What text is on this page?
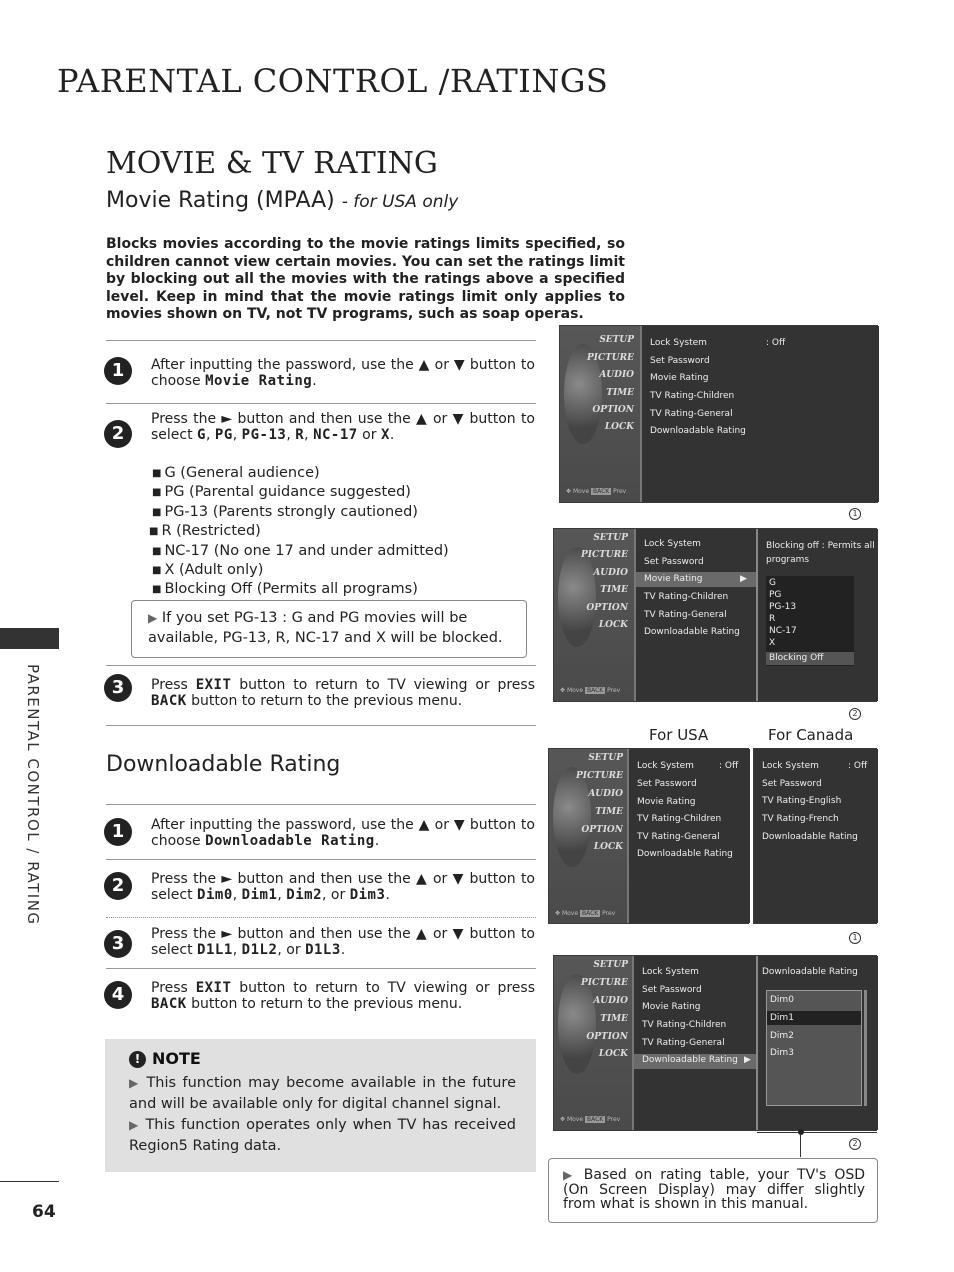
PARENTAL CONTROL /RATINGS
MOVIE & TV RATING
Movie Rating (MPAA) - for USA only
Blocks movies according to the movie ratings limits specified, so children cannot view certain movies. You can set the ratings limit by blocking out all the movies with the ratings above a specified level. Keep in mind that the movie ratings limit only applies to movies shown on TV, not TV programs, such as soap operas.
1	After inputting the password, use the ▲ or ▼ button to choose Movie Rating.
2
Press the ► button and then use the ▲ or ▼ button to select G, PG, PG-13, R, NC-17 or X.
■ G (General audience)
■ PG (Parental guidance suggested)
■ PG-13 (Parents strongly cautioned)
■ R (Restricted)
■ NC-17 (No one 17 and under admitted)
■ X (Adult only)
■ Blocking Off (Permits all programs)
▶ If you set PG-13 : G and PG movies will be available, PG-13, R, NC-17 and X will be blocked.
3	Press EXIT button to return to TV viewing or press BACK button to return to the previous menu.
Downloadable Rating
1	After inputting the password, use the ▲ or ▼ button to choose Downloadable Rating.
2	Press the ► button and then use the ▲ or ▼ button to select Dim0, Dim1, Dim2, or Dim3.
3	Press the ► button and then use the ▲ or ▼ button to select D1L1, D1L2, or D1L3.
4	Press EXIT button to return to TV viewing or press BACK button to return to the previous menu.
! NOTE
▶ This function may become available in the future and will be available only for digital channel signal.
▶ This function operates only when TV has received Region5 Rating data.
PARENTAL CONTROL / RATING
64
SETUP
PICTURE
AUDIO
TIME
OPTION
LOCK
✥ Move BACK Prev
Lock System	: Off
Set Password
Movie Rating
TV Rating-Children
TV Rating-General
Downloadable Rating
1
SETUP
PICTURE
AUDIO
TIME
OPTION
LOCK
✥ Move BACK Prev
Lock System
Set Password
Movie Rating	▶
TV Rating-Children
TV Rating-General
Downloadable Rating
Blocking off : Permits all programs
G
PG
PG-13
R
NC-17
X
Blocking Off
2
For USA	For Canada
SETUP
PICTURE
AUDIO
TIME
OPTION
LOCK
✥ Move BACK Prev
Lock System	: Off
Set Password
Movie Rating
TV Rating-Children
TV Rating-General
Downloadable Rating
Lock System	: Off
Set Password
TV Rating-English
TV Rating-French
Downloadable Rating
1
SETUP
PICTURE
AUDIO
TIME
OPTION
LOCK
✥ Move BACK Prev
Lock System
Set Password
Movie Rating
TV Rating-Children
TV Rating-General
Downloadable Rating ▶
Downloadable Rating
Dim0
Dim1
Dim2
Dim3
2
▶ Based on rating table, your TV's OSD (On Screen Display) may differ slightly from what is shown in this manual.
